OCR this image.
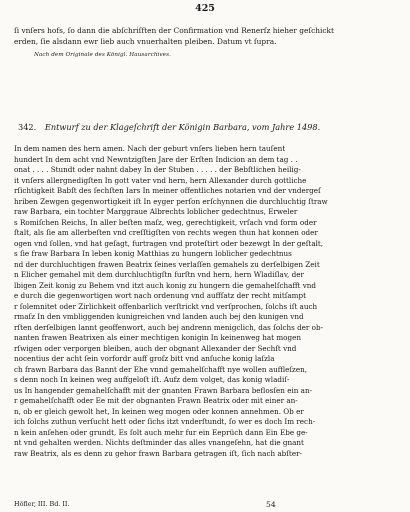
425
ſi vnſers hofs, ſo dann die abſchriſften der Confirmation vnd Renerſz hieher geſchickt
erden, ſie alsdann ewr lieb auch vnuerhalten pleiben. Datum vt ſupra.
Nach dem Originale des Königl. Hausarchives.
342. Entwurf zu der Klageſchrift der Königin Barbara, vom Jahre 1498.
In dem namen des hern amen. Nach der geburt vnſers lieben hern tauſent
hundert In dem acht vnd Newntzigſten Jare der Erſten Indicion an dem tag . .
onat . . . . Stundt oder nahnt dabey In der Stuben . . . . . der Bebſtlichen heilig-
it vnſers allergnedigſten In gott vater vnd hern, hern Allexander durch gottliche
rſichtigkeit Babſt des ſechſten Iars In meiner offentliches notarien vnd der vndergeſ
hriben Zewgen gegenwortigkeit iſt In eyger perſon erſchynnen die durchluchtig ſtraw
raw Barbara, ein tochter Marggraue Albrechts loblicher gedechtnus, Erweler
s Romiſchen Reichs, In aller beſten maſz, weg, gerechtigkeit, vrſach vnd form oder
ſtalt, als ſie am allerbeſten vnd creſſtigſten von rechts wegen thun hat konnen oder
ogen vnd ſollen, vnd hat geſagt, furtragen vnd proteſtirt oder bezewgt In der geſtalt,
s ſie fraw Barbara In leben konig Matthias zu hungern loblicher gedechtnus
nd der durchluchtigen frawen Beatrix ſeines verlaſſen gemahels zu derſelbigen Zeit
n Elicher gemahel mit dem durchluchtigſtn furſtn vnd hern, hern Wladiſlav, der
lbigen Zeit konig zu Behem vnd itzt auch konig zu hungern die gemahelſchafft vnd
e durch die gegenwortigen wort nach ordenung vnd auffſatz der recht mitſampt
r ſolemnitet oder Zirlichkeit offenbarlich verſtrickt vnd verſprochen, ſolchs iſt auch
rmaſz In den vmbliggenden kunigreichen vnd landen auch bej den kunigen vnd
rſten derſelbigen lannt geoffenwort, auch bej andrenn menigclich, das ſolchs der ob-
nanten frawen Beatrixen als einer mechtigen konigin In keinenweg hat mogen
rſwigen oder verporgen bleiben, auch der obgnant Allexander der Sechſt vnd
nocentius der acht ſein vorfordr auff groſz bitt vnd anſuche konig laſzla
ch frawn Barbara das Bannt der Ehe vnnd gemahelſchafft nye wollen auffleſzen,
s denn noch In keinen weg auffgeloſt iſt. Aufz dem volget, das konig wladiſ-
us In hangender gemahelſchafft mit der gnanten Frawn Barbara beflosſen ein an-
r gemahelſchafft oder Ee mit der obgnanten Frawn Beatrix oder mit einer an-
n, ob er gleich gewolt het, In keinen weg mogen oder konnen annehmen. Ob er
ich ſolchs zuthun verſucht hett oder ſichs itzt vnderſtundt, ſo wer es doch Im rech-
n kein anſehen oder grundt, Es ſolt auch mehr fur ein Eeprüch dann Ein Ebe ge-
nt vnd gehalten werden. Nichts deſtminder das alles vnangeſehn, hat die gnant
raw Beatrix, als es denn zu gehor frawn Barbara getragen iſt, ſich nach abſter-
Höfler, III. Bd. II.	54
